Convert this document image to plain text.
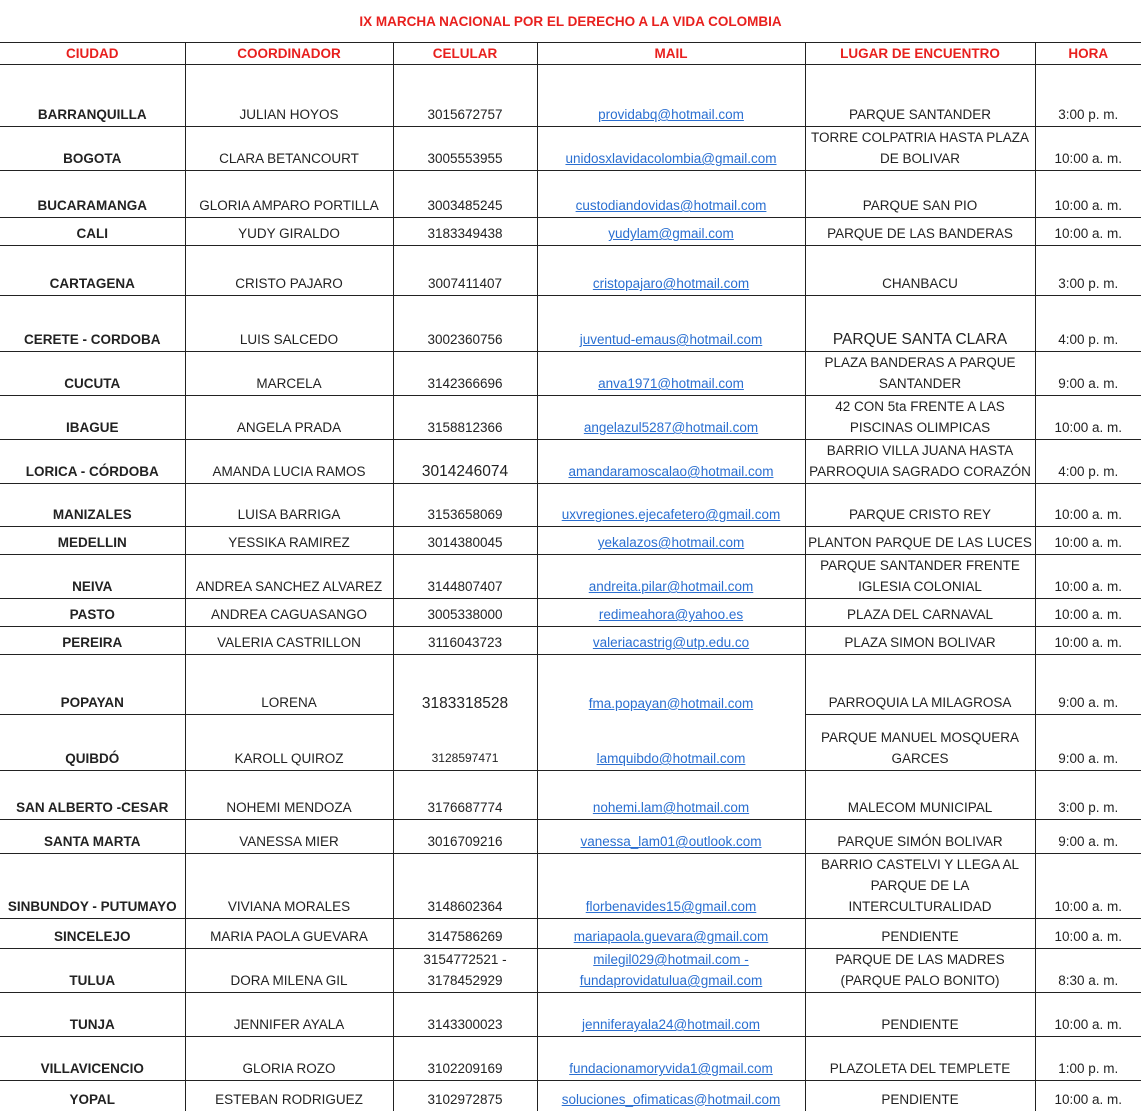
IX MARCHA NACIONAL POR EL DERECHO A LA VIDA COLOMBIA
CIUDAD	COORDINADOR	CELULAR	MAIL	LUGAR DE ENCUENTRO	HORA
BARRANQUILLA	JULIAN HOYOS	3015672757	providabq@hotmail.com	PARQUE SANTANDER	3:00 p. m.
BOGOTA	CLARA BETANCOURT	3005553955	unidosxlavidacolombia@gmail.com	TORRE COLPATRIA HASTA PLAZA DE BOLIVAR	10:00 a. m.
BUCARAMANGA	GLORIA AMPARO PORTILLA	3003485245	custodiandovidas@hotmail.com	PARQUE SAN PIO	10:00 a. m.
CALI	YUDY GIRALDO	3183349438	yudylam@gmail.com	PARQUE DE LAS BANDERAS	10:00 a. m.
CARTAGENA	CRISTO PAJARO	3007411407	cristopajaro@hotmail.com	CHANBACU	3:00 p. m.
CERETE - CORDOBA	LUIS SALCEDO	3002360756	juventud-emaus@hotmail.com	PARQUE SANTA CLARA	4:00 p. m.
CUCUTA	MARCELA	3142366696	anva1971@hotmail.com	PLAZA BANDERAS A PARQUE SANTANDER	9:00 a. m.
IBAGUE	ANGELA PRADA	3158812366	angelazul5287@hotmail.com	42 CON 5ta FRENTE A LAS PISCINAS OLIMPICAS	10:00 a. m.
LORICA - CÓRDOBA	AMANDA LUCIA RAMOS	3014246074	amandaramoscalao@hotmail.com	BARRIO VILLA JUANA HASTA PARROQUIA SAGRADO CORAZÓN	4:00 p. m.
MANIZALES	LUISA BARRIGA	3153658069	uxvregiones.ejecafetero@gmail.com	PARQUE CRISTO REY	10:00 a. m.
MEDELLIN	YESSIKA RAMIREZ	3014380045	yekalazos@hotmail.com	PLANTON PARQUE DE LAS LUCES	10:00 a. m.
NEIVA	ANDREA SANCHEZ ALVAREZ	3144807407	andreita.pilar@hotmail.com	PARQUE SANTANDER FRENTE IGLESIA COLONIAL	10:00 a. m.
PASTO	ANDREA CAGUASANGO	3005338000	redimeahora@yahoo.es	PLAZA DEL CARNAVAL	10:00 a. m.
PEREIRA	VALERIA CASTRILLON	3116043723	valeriacastrig@utp.edu.co	PLAZA SIMON BOLIVAR	10:00 a. m.
POPAYAN	LORENA	3183318528	fma.popayan@hotmail.com	PARROQUIA LA MILAGROSA	9:00 a. m.
QUIBDÓ	KAROLL QUIROZ	3128597471	lamquibdo@hotmail.com	PARQUE MANUEL MOSQUERA GARCES	9:00 a. m.
SAN ALBERTO -CESAR	NOHEMI MENDOZA	3176687774	nohemi.lam@hotmail.com	MALECOM MUNICIPAL	3:00 p. m.
SANTA MARTA	VANESSA MIER	3016709216	vanessa_lam01@outlook.com	PARQUE SIMÓN BOLIVAR	9:00 a. m.
SINBUNDOY - PUTUMAYO	VIVIANA MORALES	3148602364	florbenavides15@gmail.com	BARRIO CASTELVI Y LLEGA AL PARQUE DE LA INTERCULTURALIDAD	10:00 a. m.
SINCELEJO	MARIA PAOLA GUEVARA	3147586269	mariapaola.guevara@gmail.com	PENDIENTE	10:00 a. m.
TULUA	DORA MILENA GIL	3154772521 - 3178452929	milegil029@hotmail.com - fundaprovidatulua@gmail.com	PARQUE DE LAS MADRES (PARQUE PALO BONITO)	8:30 a. m.
TUNJA	JENNIFER AYALA	3143300023	jenniferayala24@hotmail.com	PENDIENTE	10:00 a. m.
VILLAVICENCIO	GLORIA ROZO	3102209169	fundacionamoryvida1@gmail.com	PLAZOLETA DEL TEMPLETE	1:00 p. m.
YOPAL	ESTEBAN RODRIGUEZ	3102972875	soluciones_ofimaticas@hotmail.com	PENDIENTE	10:00 a. m.
